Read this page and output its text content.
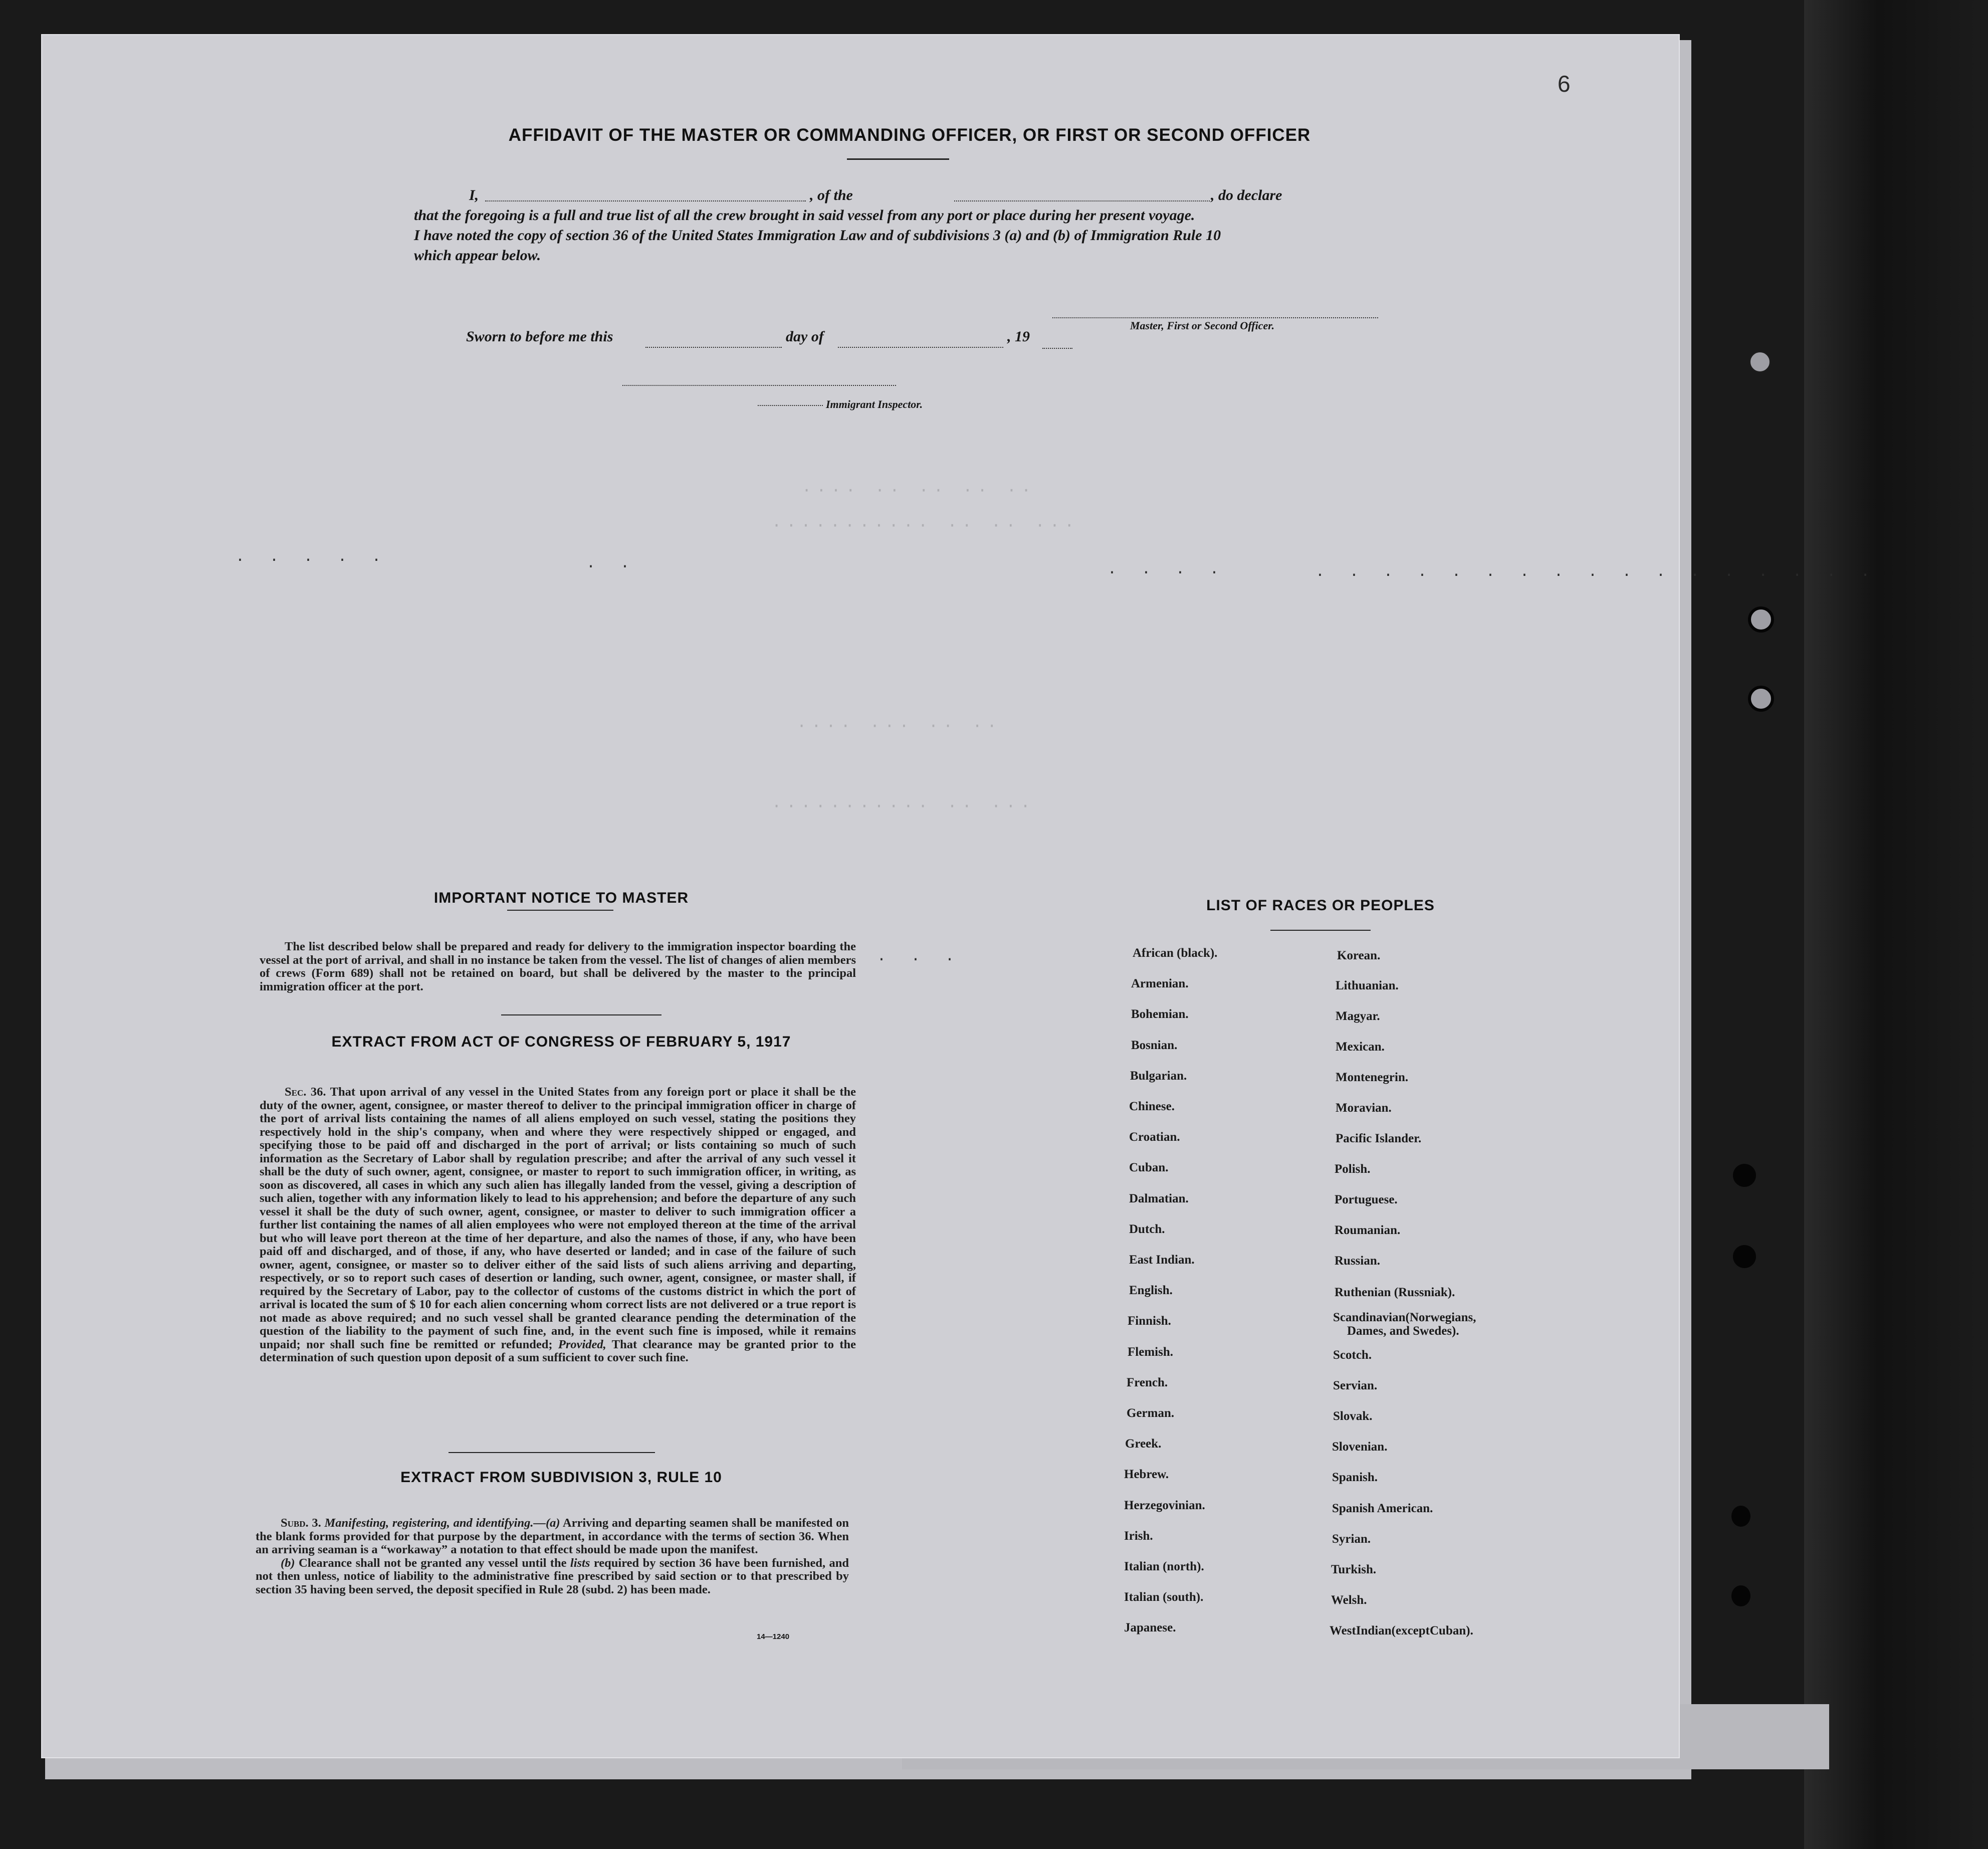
6
···· ·· ·· ·· ··
··········· ·· ·· ···
···· ··· ·· ··
··········· ·· ···
. . . . .	. .	. . . .	. . . . . . . . . . . . . . . . .
. . .
AFFIDAVIT OF THE MASTER OR COMMANDING OFFICER, OR FIRST OR SECOND OFFICER
I,	, of the	, do declare
that the foregoing is a full and true list of all the crew brought in said vessel from any port or place during her present voyage.
I have noted the copy of section 36 of the United States Immigration Law and of subdivisions 3 (a) and (b) of Immigration Rule 10
which appear below.
Master, First or Second Officer.
Sworn to before me this	day of	, 19
Immigrant Inspector.
IMPORTANT NOTICE TO MASTER
The list described below shall be prepared and ready for delivery to the immigration inspector boarding the vessel at the port of arrival, and shall in no instance be taken from the vessel. The list of changes of alien members of crews (Form 689) shall not be retained on board, but shall be delivered by the master to the principal immigration officer at the port.
EXTRACT FROM ACT OF CONGRESS OF FEBRUARY 5, 1917
Sec. 36. That upon arrival of any vessel in the United States from any foreign port or place it shall be the duty of the owner, agent, consignee, or master thereof to deliver to the principal immigration officer in charge of the port of arrival lists containing the names of all aliens employed on such vessel, stating the positions they respectively hold in the ship's company, when and where they were respectively shipped or engaged, and specifying those to be paid off and discharged in the port of arrival; or lists containing so much of such information as the Secretary of Labor shall by regulation prescribe; and after the arrival of any such vessel it shall be the duty of such owner, agent, consignee, or master to report to such immigration officer, in writing, as soon as discovered, all cases in which any such alien has illegally landed from the vessel, giving a description of such alien, together with any information likely to lead to his apprehension; and before the departure of any such vessel it shall be the duty of such owner, agent, consignee, or master to deliver to such immigration officer a further list containing the names of all alien employees who were not employed thereon at the time of the arrival but who will leave port thereon at the time of her departure, and also the names of those, if any, who have been paid off and discharged, and of those, if any, who have deserted or landed; and in case of the failure of such owner, agent, consignee, or master so to deliver either of the said lists of such aliens arriving and departing, respectively, or so to report such cases of desertion or landing, such owner, agent, consignee, or master shall, if required by the Secretary of Labor, pay to the collector of customs of the customs district in which the port of arrival is located the sum of $ 10 for each alien concerning whom correct lists are not delivered or a true report is not made as above required; and no such vessel shall be granted clearance pending the determination of the question of the liability to the payment of such fine, and, in the event such fine is imposed, while it remains unpaid; nor shall such fine be remitted or refunded; Provided, That clearance may be granted prior to the determination of such question upon deposit of a sum sufficient to cover such fine.
EXTRACT FROM SUBDIVISION 3, RULE 10
Subd. 3. Manifesting, registering, and identifying.—(a) Arriving and departing seamen shall be manifested on the blank forms provided for that purpose by the department, in accordance with the terms of section 36. When an arriving seaman is a “workaway” a notation to that effect should be made upon the manifest.
(b) Clearance shall not be granted any vessel until the lists required by section 36 have been furnished, and not then unless, notice of liability to the administrative fine prescribed by said section or to that prescribed by section 35 having been served, the deposit specified in Rule 28 (subd. 2) has been made.
14—1240
LIST OF RACES OR PEOPLES
African (black).
Armenian.
Bohemian.
Bosnian.
Bulgarian.
Chinese.
Croatian.
Cuban.
Dalmatian.
Dutch.
East Indian.
English.
Finnish.
Flemish.
French.
German.
Greek.
Hebrew.
Herzegovinian.
Irish.
Italian (north).
Italian (south).
Japanese.
Korean.
Lithuanian.
Magyar.
Mexican.
Montenegrin.
Moravian.
Pacific Islander.
Polish.
Portuguese.
Roumanian.
Russian.
Ruthenian (Russniak).
Scandinavian(Norwegians,
Dames, and Swedes).
Scotch.
Servian.
Slovak.
Slovenian.
Spanish.
Spanish American.
Syrian.
Turkish.
Welsh.
WestIndian(exceptCuban).
